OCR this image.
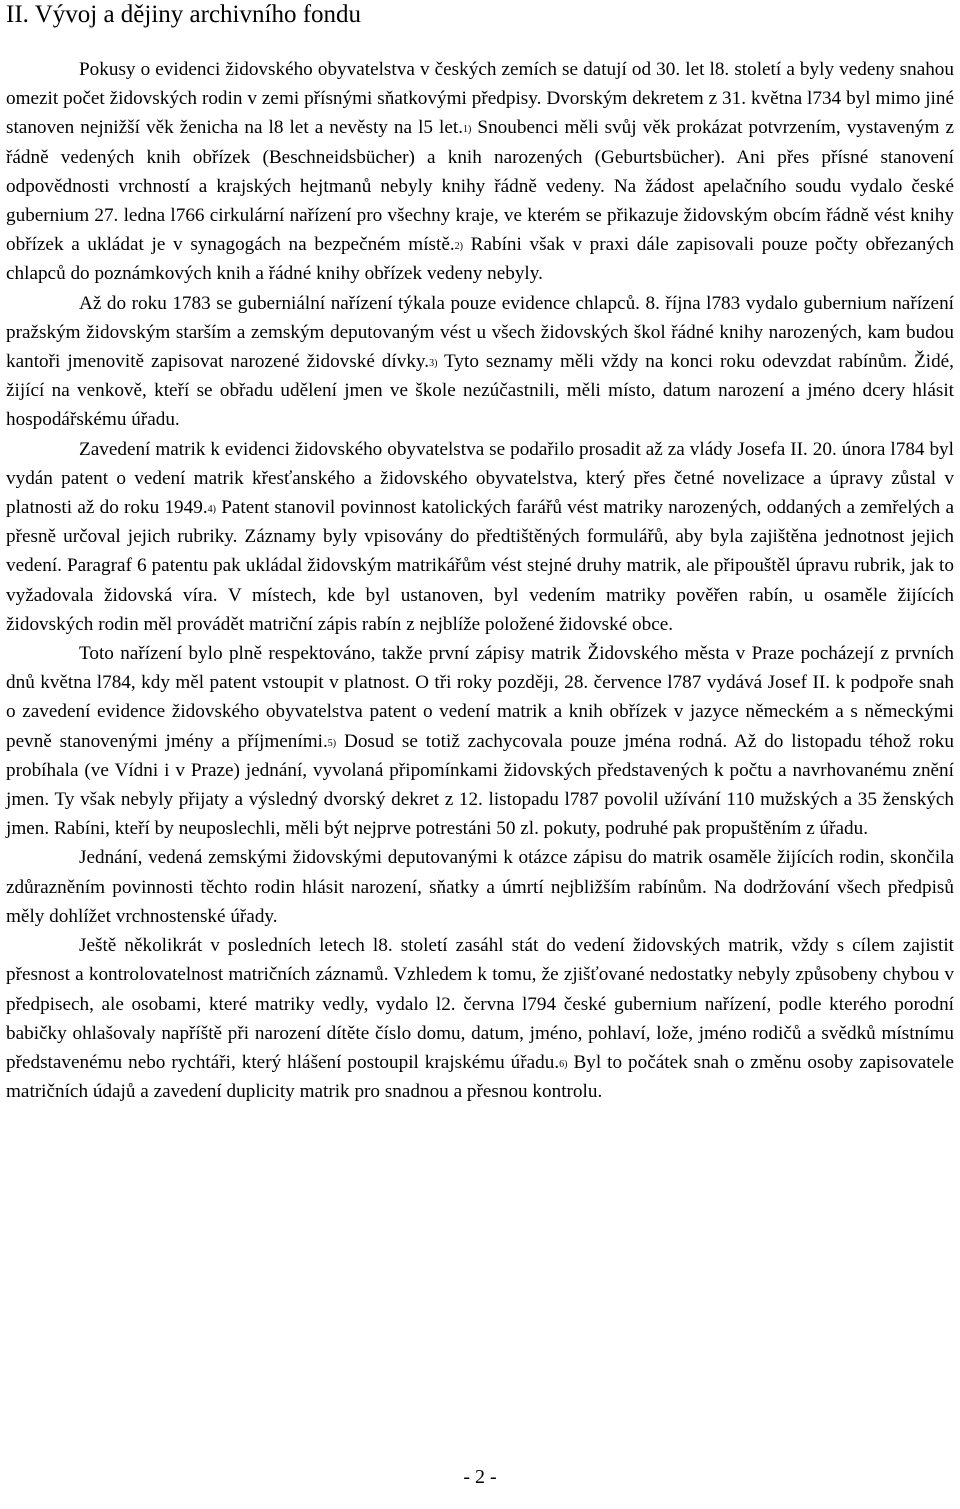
II. Vývoj a dějiny archivního fondu

Pokusy o evidenci židovského obyvatelstva v českých zemích se datují od 30. let l8. století a byly vedeny snahou omezit počet židovských rodin v zemi přísnými sňatkovými předpisy. Dvorským dekretem z 31. května l734 byl mimo jiné stanoven nejnižší věk ženicha na l8 let a nevěsty na l5 let.1) Snoubenci měli svůj věk prokázat potvrzením, vystaveným z řádně vedených knih obřízek (Beschneidsbücher) a knih narozených (Geburtsbücher). Ani přes přísné stanovení odpovědnosti vrchností a krajských hejtmanů nebyly knihy řádně vedeny. Na žádost apelačního soudu vydalo české gubernium 27. ledna l766 cirkulární nařízení pro všechny kraje, ve kterém se přikazuje židovským obcím řádně vést knihy obřízek a ukládat je v synagogách na bezpečném místě.2) Rabíni však v praxi dále zapisovali pouze počty obřezaných chlapců do poznámkových knih a řádné knihy obřízek vedeny nebyly.

Až do roku 1783 se guberniální nařízení týkala pouze evidence chlapců. 8. října l783 vydalo gubernium nařízení pražským židovským starším a zemským deputovaným vést u všech židovských škol řádné knihy narozených, kam budou kantoři jmenovitě zapisovat narozené židovské dívky.3) Tyto seznamy měli vždy na konci roku odevzdat rabínům. Židé, žijící na venkově, kteří se obřadu udělení jmen ve škole nezúčastnili, měli místo, datum narození a jméno dcery hlásit hospodářskému úřadu.

Zavedení matrik k evidenci židovského obyvatelstva se podařilo prosadit až za vlády Josefa II. 20. února l784 byl vydán patent o vedení matrik křesťanského a židovského obyvatelstva, který přes četné novelizace a úpravy zůstal v platnosti až do roku 1949.4) Patent stanovil povinnost katolických farářů vést matriky narozených, oddaných a zemřelých a přesně určoval jejich rubriky. Záznamy byly vpisovány do předtištěných formulářů, aby byla zajištěna jednotnost jejich vedení. Paragraf 6 patentu pak ukládal židovským matrikářům vést stejné druhy matrik, ale připouštěl úpravu rubrik, jak to vyžadovala židovská víra. V místech, kde byl ustanoven, byl vedením matriky pověřen rabín, u osaměle žijících židovských rodin měl provádět matriční zápis rabín z nejblíže položené židovské obce.

Toto nařízení bylo plně respektováno, takže první zápisy matrik Židovského města v Praze pocházejí z prvních dnů května l784, kdy měl patent vstoupit v platnost. O tři roky později, 28. července l787 vydává Josef II. k podpoře snah o zavedení evidence židovského obyvatelstva patent o vedení matrik a knih obřízek v jazyce německém a s německými pevně stanovenými jmény a příjmeními.5) Dosud se totiž zachycovala pouze jména rodná. Až do listopadu téhož roku probíhala (ve Vídni i v Praze) jednání, vyvolaná připomínkami židovských představených k počtu a navrhovanému znění jmen. Ty však nebyly přijaty a výsledný dvorský dekret z 12. listopadu l787 povolil užívání 110 mužských a 35 ženských jmen. Rabíni, kteří by neuposlechli, měli být nejprve potrestáni 50 zl. pokuty, podruhé pak propuštěním z úřadu.

Jednání, vedená zemskými židovskými deputovanými k otázce zápisu do matrik osaměle žijících rodin, skončila zdůrazněním povinnosti těchto rodin hlásit narození, sňatky a úmrtí nejbližším rabínům. Na dodržování všech předpisů měly dohlížet vrchnostenské úřady.

Ještě několikrát v posledních letech l8. století zasáhl stát do vedení židovských matrik, vždy s cílem zajistit přesnost a kontrolovatelnost matričních záznamů. Vzhledem k tomu, že zjišťované nedostatky nebyly způsobeny chybou v předpisech, ale osobami, které matriky vedly, vydalo l2. června l794 české gubernium nařízení, podle kterého porodní babičky ohlašovaly napříště při narození dítěte číslo domu, datum, jméno, pohlaví, lože, jméno rodičů a svědků místnímu představenému nebo rychtáři, který hlášení postoupil krajskému úřadu.6) Byl to počátek snah o změnu osoby zapisovatele matričních údajů a zavedení duplicity matrik pro snadnou a přesnou kontrolu.

- 2 -
